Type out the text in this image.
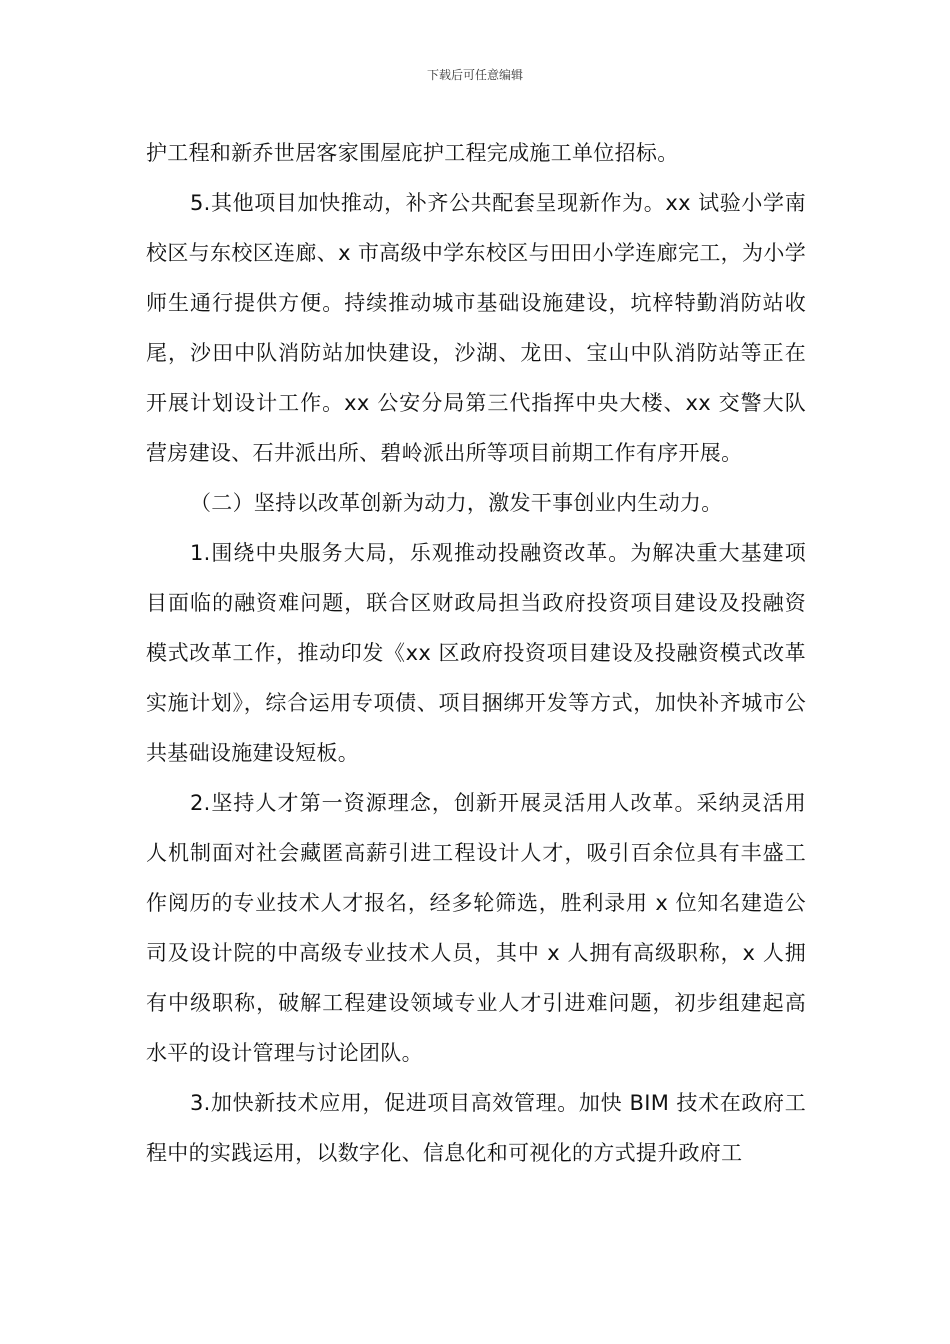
下载后可任意编辑

护工程和新乔世居客家围屋庇护工程完成施工单位招标。

5.其他项目加快推动，补齐公共配套呈现新作为。xx 试验小学南校区与东校区连廊、x 市高级中学东校区与田田小学连廊完工，为小学师生通行提供方便。持续推动城市基础设施建设，坑梓特勤消防站收尾，沙田中队消防站加快建设，沙湖、龙田、宝山中队消防站等正在开展计划设计工作。xx 公安分局第三代指挥中央大楼、xx 交警大队营房建设、石井派出所、碧岭派出所等项目前期工作有序开展。

（二）坚持以改革创新为动力，激发干事创业内生动力。

1.围绕中央服务大局，乐观推动投融资改革。为解决重大基建项目面临的融资难问题，联合区财政局担当政府投资项目建设及投融资模式改革工作，推动印发《xx 区政府投资项目建设及投融资模式改革实施计划》，综合运用专项债、项目捆绑开发等方式，加快补齐城市公共基础设施建设短板。

2.坚持人才第一资源理念，创新开展灵活用人改革。采纳灵活用人机制面对社会藏匿高薪引进工程设计人才，吸引百余位具有丰盛工作阅历的专业技术人才报名，经多轮筛选，胜利录用 x 位知名建造公司及设计院的中高级专业技术人员，其中 x 人拥有高级职称，x 人拥有中级职称，破解工程建设领域专业人才引进难问题，初步组建起高水平的设计管理与讨论团队。

3.加快新技术应用，促进项目高效管理。加快 BIM 技术在政府工程中的实践运用，以数字化、信息化和可视化的方式提升政府工
